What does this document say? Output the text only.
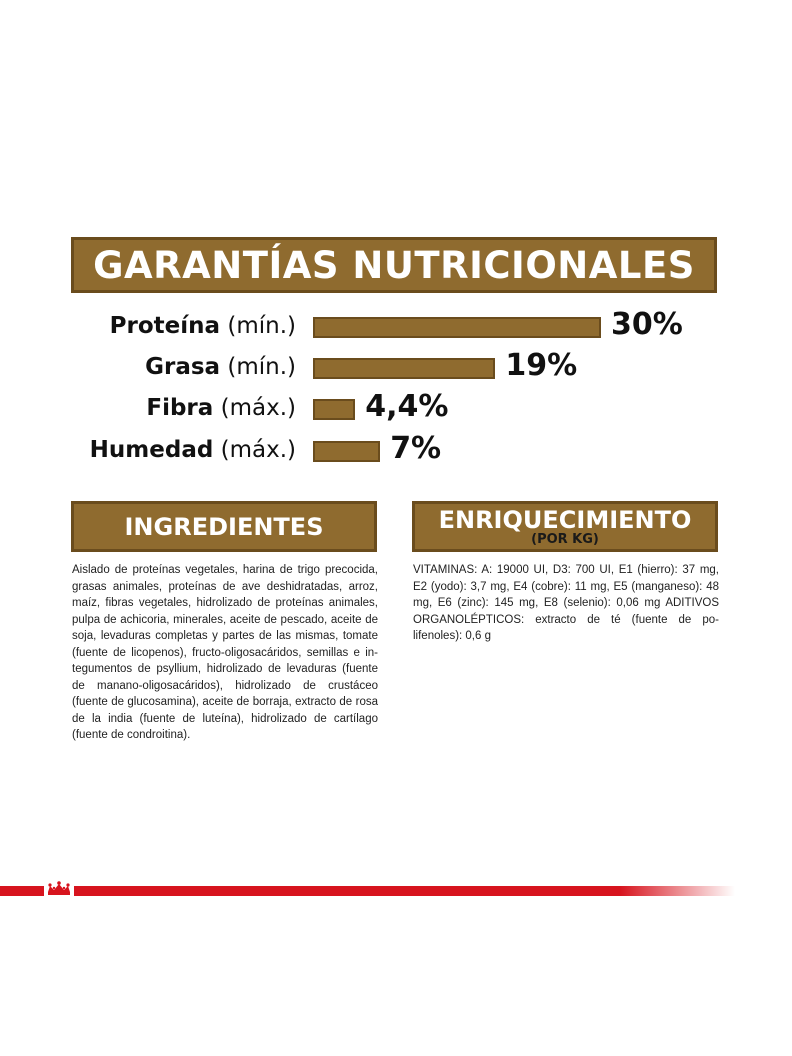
GARANTÍAS NUTRICIONALES
Proteína (mín.)	30%
Grasa (mín.)	19%
Fibra (máx.) 4,4%
Humedad (máx.)	7%
INGREDIENTES
Aislado de proteínas vegetales, harina de trigo precocida, grasas animales, proteínas de ave deshidratadas, arroz, maíz, fibras vegetales, hidrolizado de proteínas animales, pulpa de achicoria, minerales, aceite de pescado, aceite de soja, levaduras completas y partes de las mismas, tomate (fuente de licopenos), fructo-oligosacáridos, semillas e in-tegumentos de psyllium, hidrolizado de levaduras (fuente de manano-oligosacáridos), hidrolizado de crustáceo (fuente de glucosamina), aceite de borraja, extracto de rosa de la india (fuente de luteína), hidrolizado de cartílago (fuente de condroitina).
ENRIQUECIMIENTO
(POR KG)
VITAMINAS: A: 19000 UI, D3: 700 UI, E1 (hierro): 37 mg, E2 (yodo): 3,7 mg, E4 (cobre): 11 mg, E5 (manganeso): 48 mg, E6 (zinc): 145 mg, E8 (selenio): 0,06 mg ADITIVOS ORGANOLÉPTICOS: extracto de té (fuente de po-lifenoles): 0,6 g
